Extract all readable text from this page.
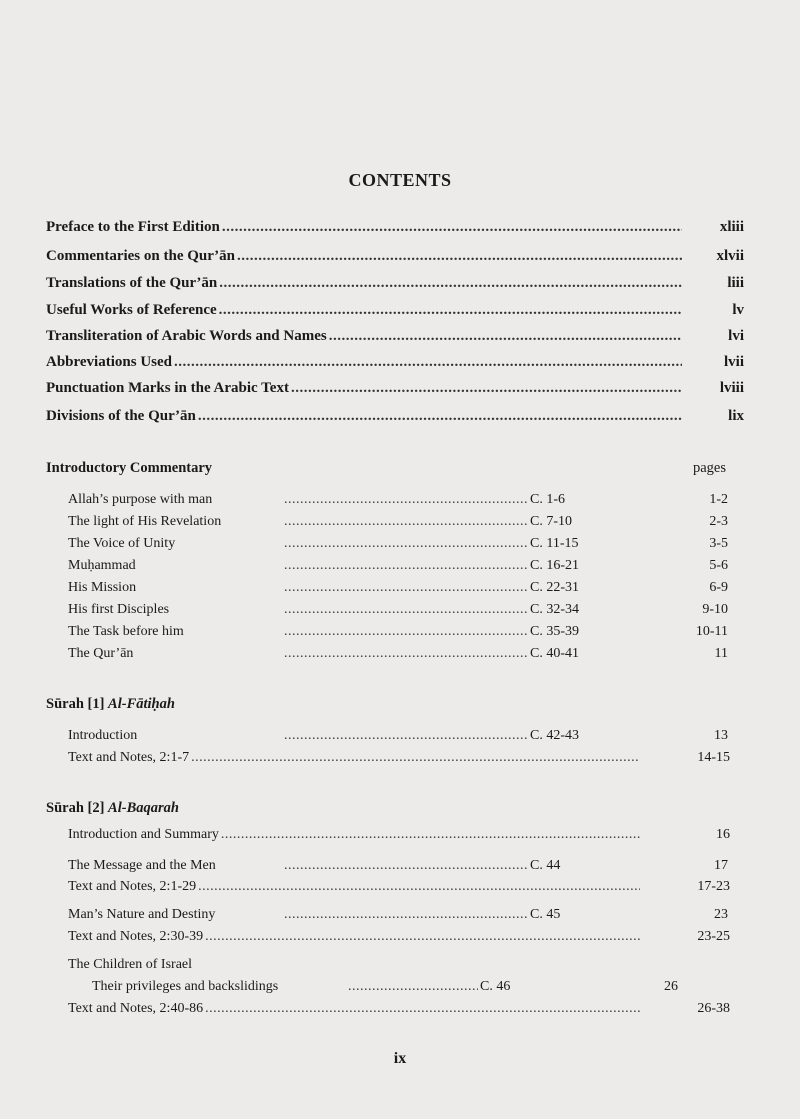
CONTENTS
Preface to the First Edition .....	xliii
Commentaries on the Qur’ān .....	xlvii
Translations of the Qur’ān .....	liii
Useful Works of Reference .....	lv
Transliteration of Arabic Words and Names .....	lvi
Abbreviations Used .....	lvii
Punctuation Marks in the Arabic Text .....	lviii
Divisions of the Qur’ān .....	lix
Introductory Commentary	pages
Allah’s purpose with man .....	C. 1-6	1-2
The light of His Revelation .....	C. 7-10	2-3
The Voice of Unity .....	C. 11-15	3-5
Muḥammad .....	C. 16-21	5-6
His Mission .....	C. 22-31	6-9
His first Disciples .....	C. 32-34	9-10
The Task before him .....	C. 35-39	10-11
The Qur’ān .....	C. 40-41	11
Sūrah [1] Al-Fātiḥah
Introduction .....	C. 42-43	13
Text and Notes, 2:1-7 .....	14-15
Sūrah [2] Al-Baqarah
Introduction and Summary .....	16
The Message and the Men .....	C. 44	17
Text and Notes, 2:1-29 .....	17-23
Man’s Nature and Destiny .....	C. 45	23
Text and Notes, 2:30-39 .....	23-25
The Children of Israel
Their privileges and backslidings .....	C. 46	26
Text and Notes, 2:40-86 .....	26-38
ix
